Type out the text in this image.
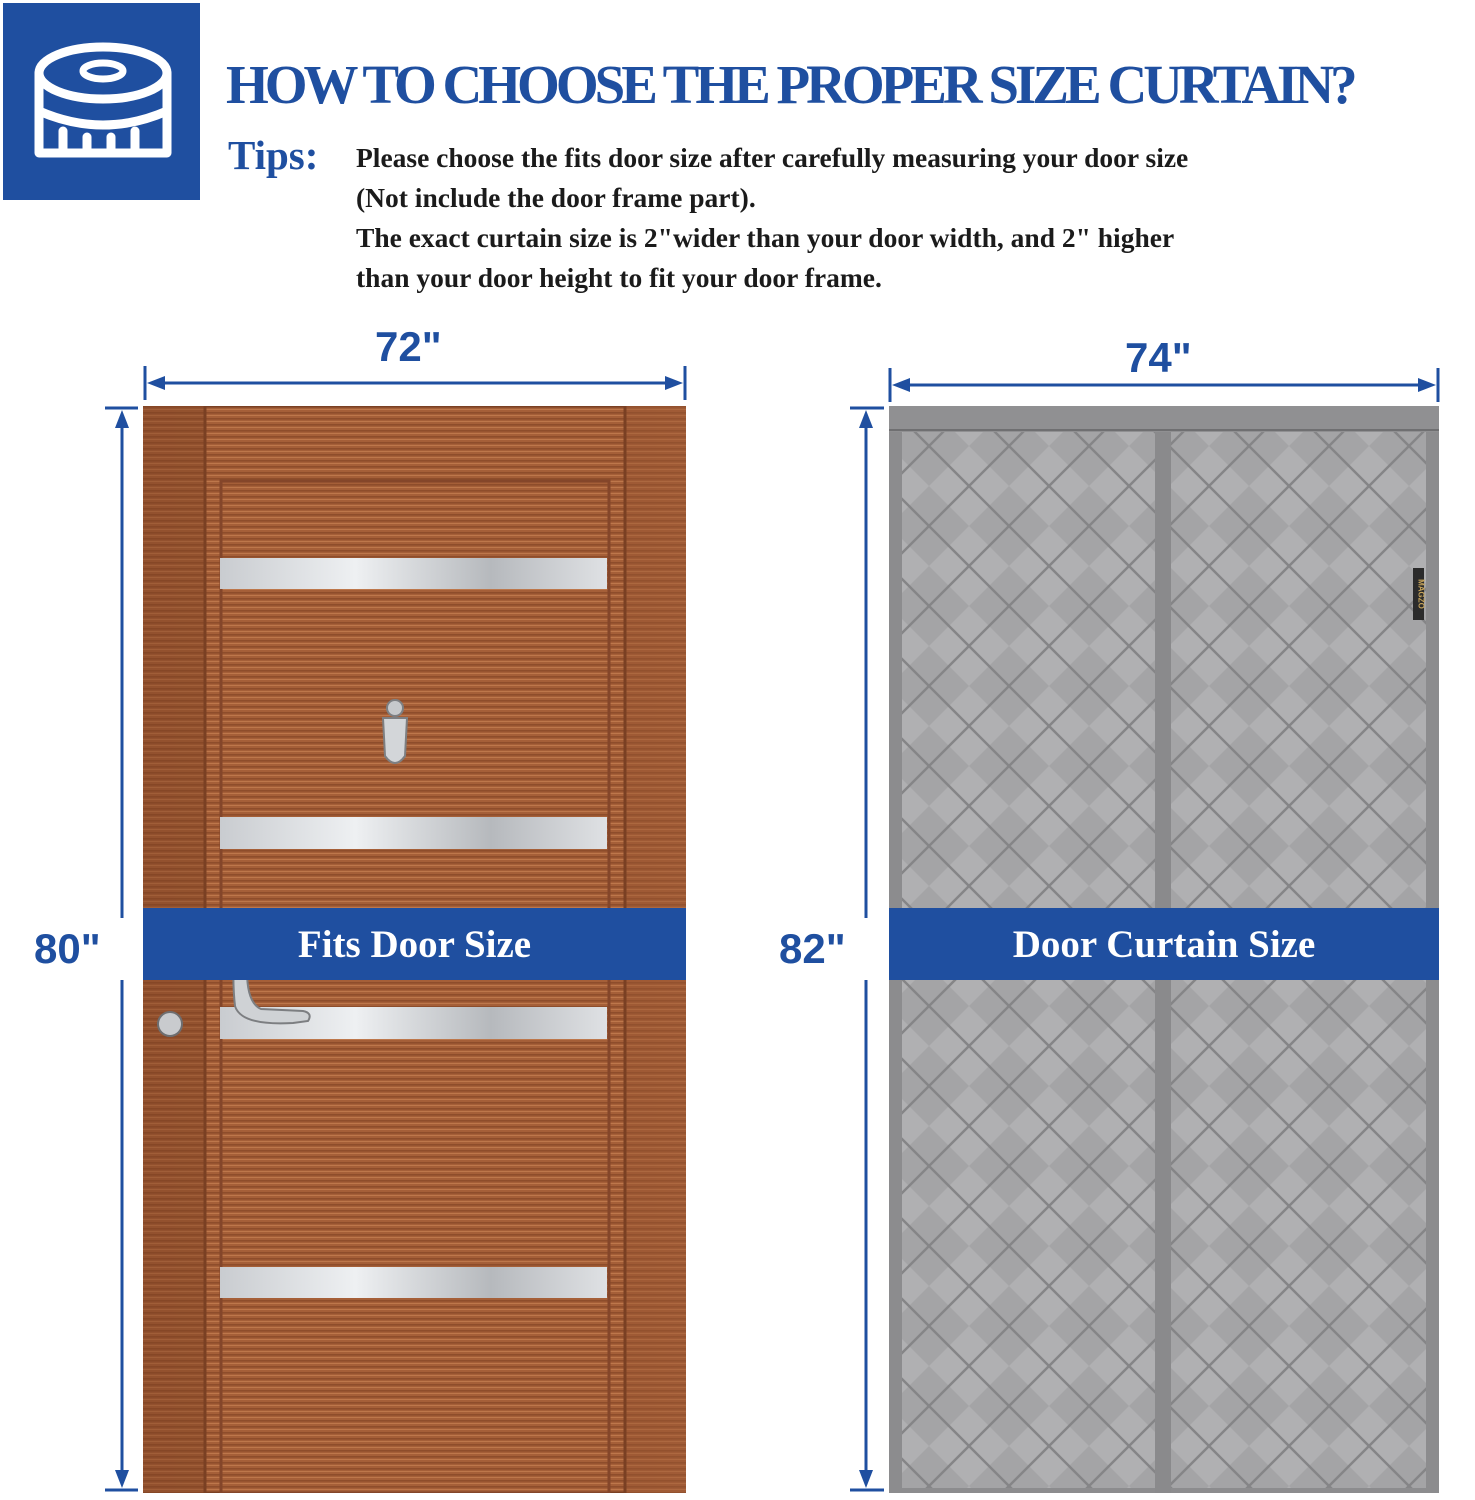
HOW TO CHOOSE THE PROPER SIZE CURTAIN?
Tips: Please choose the fits door size after carefully measuring your door size
(Not include the door frame part).
The exact curtain size is 2"wider than your door width, and 2" higher
than your door height to fit your door frame.
72"
80"
74"
82"
MAGZO
Fits Door Size	Door Curtain Size
